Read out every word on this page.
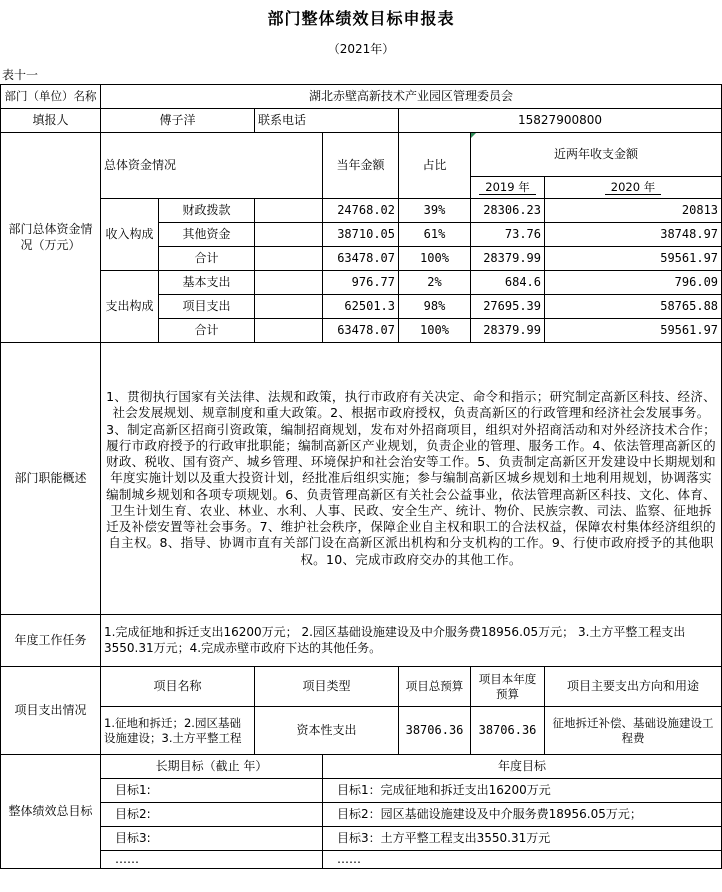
部门整体绩效目标申报表
（2021年）
表十一
部门（单位）名称	湖北赤壁高新技术产业园区管理委员会						
填报人	傅子洋		联系电话		15827900800		
部门总体资金情况（万元）	总体资金情况			当年金额	占比	近两年收支金额	
						2019 年	2020 年
	收入构成	财政拨款		24768.02	39%	28306.23	20813
		其他资金		38710.05	61%	73.76	38748.97
		合计		63478.07	100%	28379.99	59561.97
	支出构成	基本支出		976.77	2%	684.6	796.09
		项目支出		62501.3	98%	27695.39	58765.88
		合计		63478.07	100%	28379.99	59561.97
部门职能概述	1、贯彻执行国家有关法律、法规和政策，执行市政府有关决定、命令和指示；研究制定高新区科技、经济、社会发展规划、规章制度和重大政策。2、根据市政府授权，负责高新区的行政管理和经济社会发展事务。3、制定高新区招商引资政策，编制招商规划，发布对外招商项目，组织对外招商活动和对外经济技术合作；履行市政府授予的行政审批职能；编制高新区产业规划，负责企业的管理、服务工作。4、依法管理高新区的财政、税收、国有资产、城乡管理、环境保护和社会治安等工作。5、负责制定高新区开发建设中长期规划和年度实施计划以及重大投资计划，经批准后组织实施；参与编制高新区城乡规划和土地利用规划，协调落实编制城乡规划和各项专项规划。6、负责管理高新区有关社会公益事业，依法管理高新区科技、文化、体育、卫生计划生育、农业、林业、水利、人事、民政、安全生产、统计、物价、民族宗教、司法、监察、征地拆迁及补偿安置等社会事务。7、维护社会秩序，保障企业自主权和职工的合法权益，保障农村集体经济组织的自主权。8、指导、协调市直有关部门设在高新区派出机构和分支机构的工作。9、行使市政府授予的其他职权。10、完成市政府交办的其他工作。						
年度工作任务	1.完成征地和拆迁支出16200万元； 2.园区基础设施建设及中介服务费18956.05万元； 3.土方平整工程支出3550.31万元；4.完成赤壁市政府下达的其他任务。						
项目支出情况	项目名称		项目类型		项目总预算	项目本年度预算	项目主要支出方向和用途
	1.征地和拆迁；2.园区基础设施建设；3.土方平整工程		资本性支出		38706.36	38706.36	征地拆迁补偿、基础设施建设工程费
整体绩效总目标	长期目标（截止 年）			年度目标			
	目标1:			目标1：完成征地和拆迁支出16200万元			
	目标2:			目标2：园区基础设施建设及中介服务费18956.05万元；			
	目标3:			目标3：土方平整工程支出3550.31万元			
	……			……			
